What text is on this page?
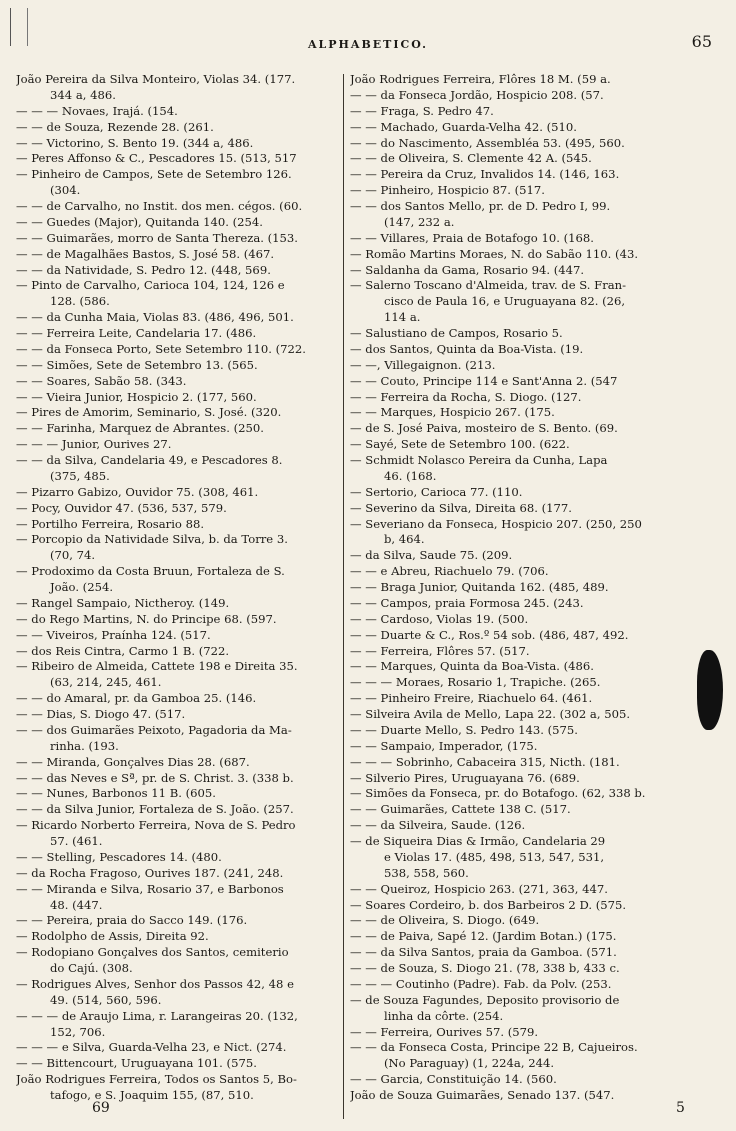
ALPHABETICO.	65
João Pereira da Silva Monteiro, Violas 34. (177.
344 a, 486.
— — — Novaes, Irajá. (154.
— — de Souza, Rezende 28. (261.
— — Victorino, S. Bento 19. (344 a, 486.
— Peres Affonso & C., Pescadores 15. (513, 517
— Pinheiro de Campos, Sete de Setembro 126.
(304.
— — de Carvalho, no Instit. dos men. cégos. (60.
— — Guedes (Major), Quitanda 140. (254.
— — Guimarães, morro de Santa Thereza. (153.
— — de Magalhães Bastos, S. José 58. (467.
— — da Natividade, S. Pedro 12. (448, 569.
— Pinto de Carvalho, Carioca 104, 124, 126 e
128. (586.
— — da Cunha Maia, Violas 83. (486, 496, 501.
— — Ferreira Leite, Candelaria 17. (486.
— — da Fonseca Porto, Sete Setembro 110. (722.
— — Simões, Sete de Setembro 13. (565.
— — Soares, Sabão 58. (343.
— — Vieira Junior, Hospicio 2. (177, 560.
— Pires de Amorim, Seminario, S. José. (320.
— — Farinha, Marquez de Abrantes. (250.
— — — Junior, Ourives 27.
— — da Silva, Candelaria 49, e Pescadores 8.
(375, 485.
— Pizarro Gabizo, Ouvidor 75. (308, 461.
— Pocy, Ouvidor 47. (536, 537, 579.
— Portilho Ferreira, Rosario 88.
— Porcopio da Natividade Silva, b. da Torre 3.
(70, 74.
— Prodoximo da Costa Bruun, Fortaleza de S.
João. (254.
— Rangel Sampaio, Nictheroy. (149.
— do Rego Martins, N. do Principe 68. (597.
— — Viveiros, Praínha 124. (517.
— dos Reis Cintra, Carmo 1 B. (722.
— Ribeiro de Almeida, Cattete 198 e Direita 35.
(63, 214, 245, 461.
— — do Amaral, pr. da Gamboa 25. (146.
— — Dias, S. Diogo 47. (517.
— — dos Guimarães Peixoto, Pagadoria da Ma-
rinha. (193.
— — Miranda, Gonçalves Dias 28. (687.
— — das Neves e Sª, pr. de S. Christ. 3. (338 b.
— — Nunes, Barbonos 11 B. (605.
— — da Silva Junior, Fortaleza de S. João. (257.
— Ricardo Norberto Ferreira, Nova de S. Pedro
57. (461.
— — Stelling, Pescadores 14. (480.
— da Rocha Fragoso, Ourives 187. (241, 248.
— — Miranda e Silva, Rosario 37, e Barbonos
48. (447.
— — Pereira, praia do Sacco 149. (176.
— Rodolpho de Assis, Direita 92.
— Rodopiano Gonçalves dos Santos, cemiterio
do Cajú. (308.
— Rodrigues Alves, Senhor dos Passos 42, 48 e
49. (514, 560, 596.
— — — de Araujo Lima, r. Larangeiras 20. (132,
152, 706.
— — — e Silva, Guarda-Velha 23, e Nict. (274.
— — Bittencourt, Uruguayana 101. (575.
João Rodrigues Ferreira, Todos os Santos 5, Bo-
tafogo, e S. Joaquim 155, (87, 510.
João Rodrigues Ferreira, Flôres 18 M. (59 a.
— — da Fonseca Jordão, Hospicio 208. (57.
— — Fraga, S. Pedro 47.
— — Machado, Guarda-Velha 42. (510.
— — do Nascimento, Assembléa 53. (495, 560.
— — de Oliveira, S. Clemente 42 A. (545.
— — Pereira da Cruz, Invalidos 14. (146, 163.
— — Pinheiro, Hospicio 87. (517.
— — dos Santos Mello, pr. de D. Pedro I, 99.
(147, 232 a.
— — Villares, Praia de Botafogo 10. (168.
— Romão Martins Moraes, N. do Sabão 110. (43.
— Saldanha da Gama, Rosario 94. (447.
— Salerno Toscano d'Almeida, trav. de S. Fran-
cisco de Paula 16, e Uruguayana 82. (26,
114 a.
— Salustiano de Campos, Rosario 5.
— dos Santos, Quinta da Boa-Vista. (19.
— —, Villegaignon. (213.
— — Couto, Principe 114 e Sant'Anna 2. (547
— — Ferreira da Rocha, S. Diogo. (127.
— — Marques, Hospicio 267. (175.
— de S. José Paiva, mosteiro de S. Bento. (69.
— Sayé, Sete de Setembro 100. (622.
— Schmidt Nolasco Pereira da Cunha, Lapa
46. (168.
— Sertorio, Carioca 77. (110.
— Severino da Silva, Direita 68. (177.
— Severiano da Fonseca, Hospicio 207. (250, 250
b, 464.
— da Silva, Saude 75. (209.
— — e Abreu, Riachuelo 79. (706.
— — Braga Junior, Quitanda 162. (485, 489.
— — Campos, praia Formosa 245. (243.
— — Cardoso, Violas 19. (500.
— — Duarte & C., Ros.º 54 sob. (486, 487, 492.
— — Ferreira, Flôres 57. (517.
— — Marques, Quinta da Boa-Vista. (486.
— — — Moraes, Rosario 1, Trapiche. (265.
— — Pinheiro Freire, Riachuelo 64. (461.
— Silveira Avila de Mello, Lapa 22. (302 a, 505.
— — Duarte Mello, S. Pedro 143. (575.
— — Sampaio, Imperador, (175.
— — — Sobrinho, Cabaceira 315, Nicth. (181.
— Silverio Pires, Uruguayana 76. (689.
— Simões da Fonseca, pr. do Botafogo. (62, 338 b.
— — Guimarães, Cattete 138 C. (517.
— — da Silveira, Saude. (126.
— de Siqueira Dias & Irmão, Candelaria 29
e Violas 17. (485, 498, 513, 547, 531,
538, 558, 560.
— — Queiroz, Hospicio 263. (271, 363, 447.
— Soares Cordeiro, b. dos Barbeiros 2 D. (575.
— — de Oliveira, S. Diogo. (649.
— — de Paiva, Sapé 12. (Jardim Botan.) (175.
— — da Silva Santos, praia da Gamboa. (571.
— — de Souza, S. Diogo 21. (78, 338 b, 433 c.
— — — Coutinho (Padre). Fab. da Polv. (253.
— de Souza Fagundes, Deposito provisorio de
linha da côrte. (254.
— — Ferreira, Ourives 57. (579.
— — da Fonseca Costa, Principe 22 B, Cajueiros.
(No Paraguay) (1, 224a, 244.
— — Garcia, Constituição 14. (560.
João de Souza Guimarães, Senado 137. (547.
69	5
